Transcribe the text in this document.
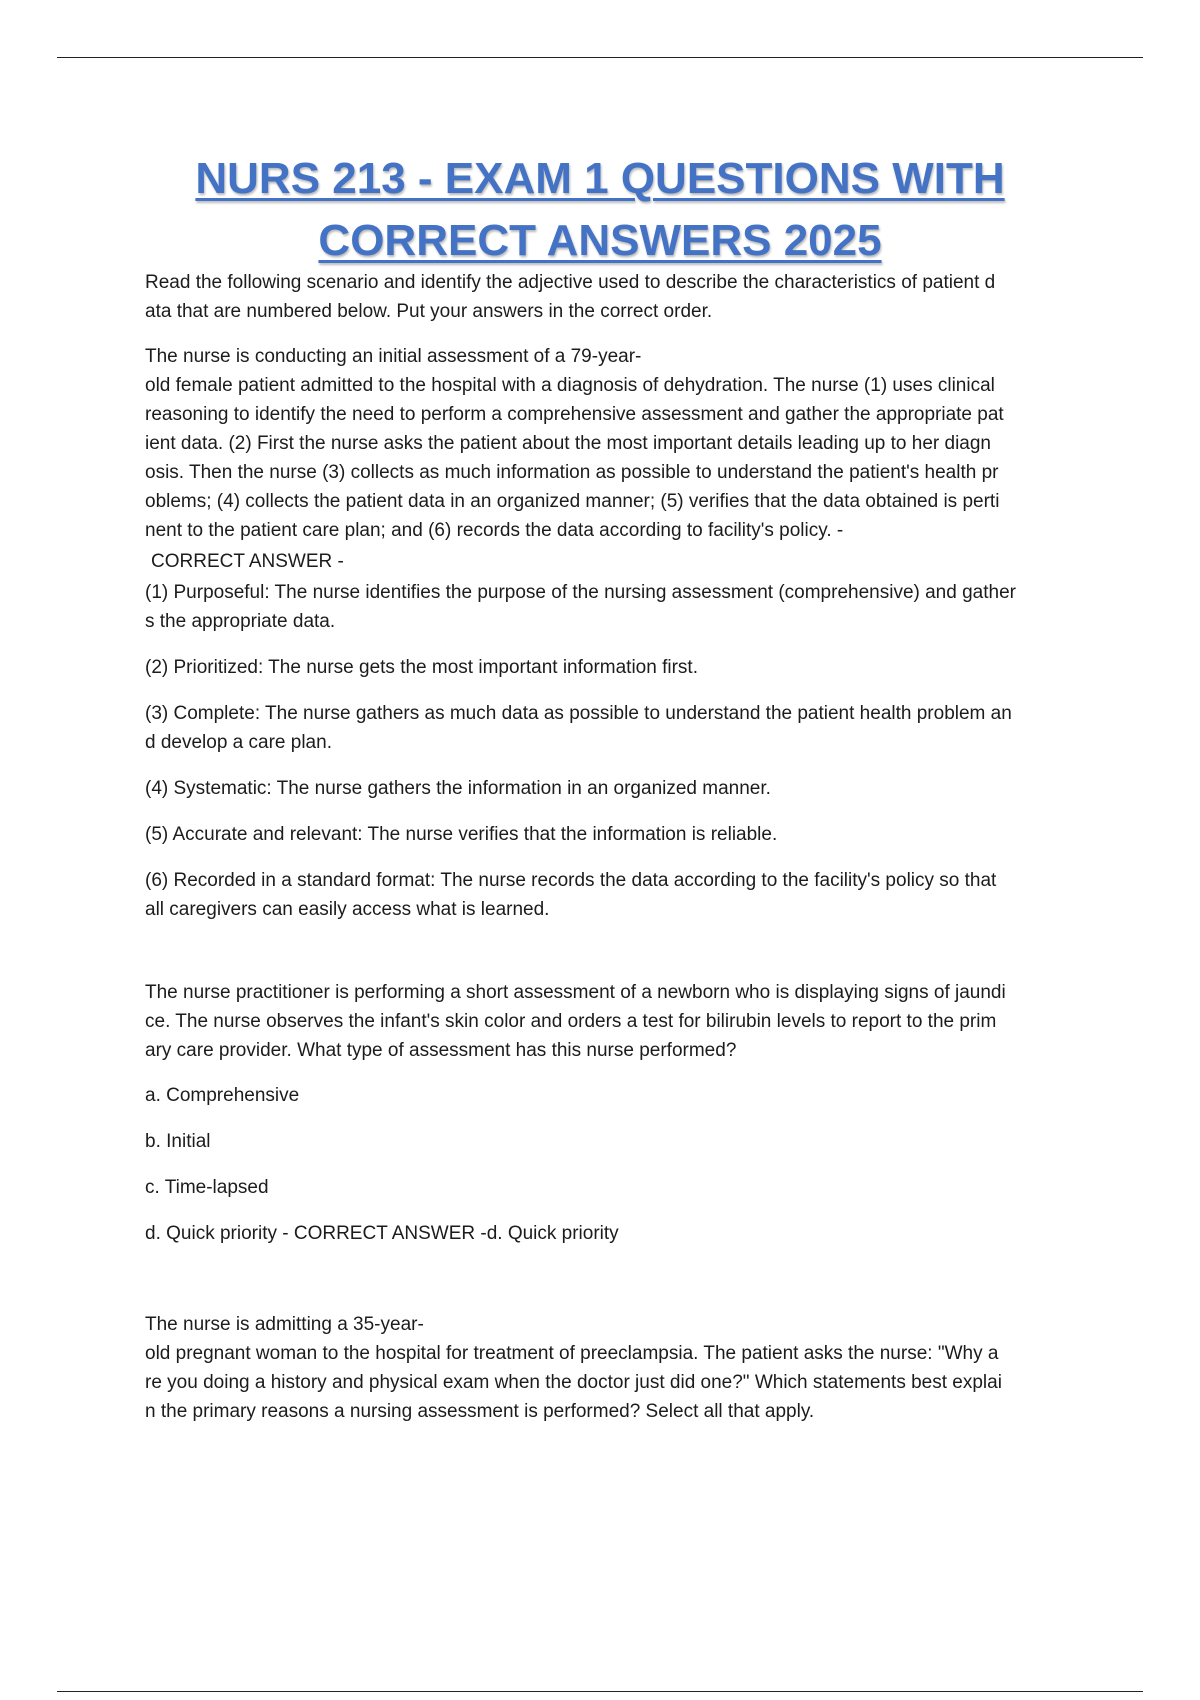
NURS 213 - EXAM 1 QUESTIONS WITH
CORRECT ANSWERS 2025

Read the following scenario and identify the adjective used to describe the characteristics of patient d
ata that are numbered below. Put your answers in the correct order.

The nurse is conducting an initial assessment of a 79-year-
old female patient admitted to the hospital with a diagnosis of dehydration. The nurse (1) uses clinical
reasoning to identify the need to perform a comprehensive assessment and gather the appropriate pat
ient data. (2) First the nurse asks the patient about the most important details leading up to her diagn
osis. Then the nurse (3) collects as much information as possible to understand the patient's health pr
oblems; (4) collects the patient data in an organized manner; (5) verifies that the data obtained is perti
nent to the patient care plan; and (6) records the data according to facility's policy. -

CORRECT ANSWER -

(1) Purposeful: The nurse identifies the purpose of the nursing assessment (comprehensive) and gather
s the appropriate data.

(2) Prioritized: The nurse gets the most important information first.

(3) Complete: The nurse gathers as much data as possible to understand the patient health problem an
d develop a care plan.

(4) Systematic: The nurse gathers the information in an organized manner.

(5) Accurate and relevant: The nurse verifies that the information is reliable.

(6) Recorded in a standard format: The nurse records the data according to the facility's policy so that
all caregivers can easily access what is learned.

The nurse practitioner is performing a short assessment of a newborn who is displaying signs of jaundi
ce. The nurse observes the infant's skin color and orders a test for bilirubin levels to report to the prim
ary care provider. What type of assessment has this nurse performed?

a. Comprehensive

b. Initial

c. Time-lapsed

d. Quick priority - CORRECT ANSWER -d. Quick priority

The nurse is admitting a 35-year-
old pregnant woman to the hospital for treatment of preeclampsia. The patient asks the nurse: "Why a
re you doing a history and physical exam when the doctor just did one?" Which statements best explai
n the primary reasons a nursing assessment is performed? Select all that apply.
